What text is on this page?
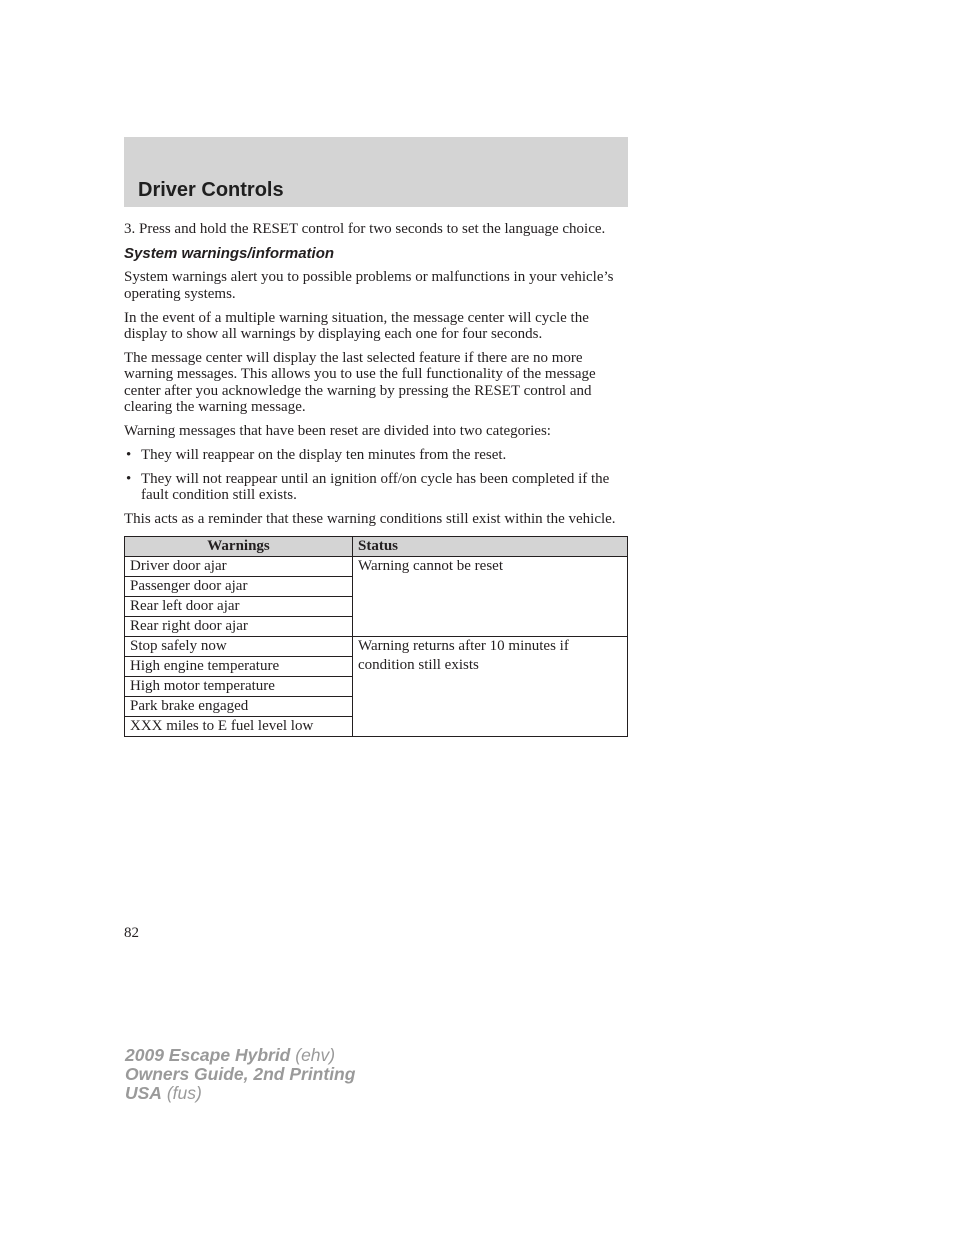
Driver Controls

3. Press and hold the RESET control for two seconds to set the language choice.

System warnings/information

System warnings alert you to possible problems or malfunctions in your vehicle’s operating systems.

In the event of a multiple warning situation, the message center will cycle the display to show all warnings by displaying each one for four seconds.

The message center will display the last selected feature if there are no more warning messages. This allows you to use the full functionality of the message center after you acknowledge the warning by pressing the RESET control and clearing the warning message.

Warning messages that have been reset are divided into two categories:

• They will reappear on the display ten minutes from the reset.
• They will not reappear until an ignition off/on cycle has been completed if the fault condition still exists.

This acts as a reminder that these warning conditions still exist within the vehicle.

Warnings	Status
Driver door ajar	Warning cannot be reset
Passenger door ajar	
Rear left door ajar	
Rear right door ajar	
Stop safely now	Warning returns after 10 minutes if condition still exists
High engine temperature	
High motor temperature	
Park brake engaged	
XXX miles to E fuel level low	
82
2009 Escape Hybrid (ehv)
Owners Guide, 2nd Printing
USA (fus)
